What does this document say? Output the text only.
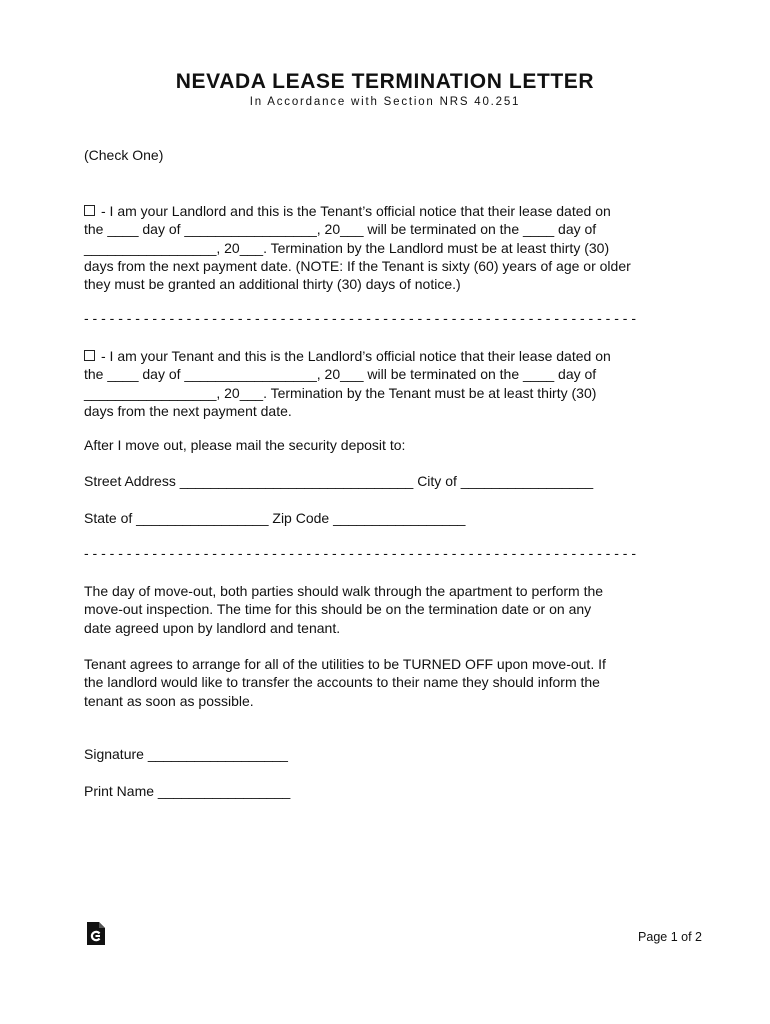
NEVADA LEASE TERMINATION LETTER
In Accordance with Section NRS 40.251
(Check One)
- I am your Landlord and this is the Tenant’s official notice that their lease dated on
the ____ day of _________________, 20___ will be terminated on the ____ day of
_________________, 20___. Termination by the Landlord must be at least thirty (30)
days from the next payment date. (NOTE: If the Tenant is sixty (60) years of age or older
they must be granted an additional thirty (30) days of notice.)
- - - - - - - - - - - - - - - - - - - - - - - - - - - - - - - - - - - - - - - - - - - - - - - - - - - - - - - - - - - - - - - - -
- I am your Tenant and this is the Landlord’s official notice that their lease dated on
the ____ day of _________________, 20___ will be terminated on the ____ day of
_________________, 20___. Termination by the Tenant must be at least thirty (30)
days from the next payment date.
After I move out, please mail the security deposit to:
Street Address ______________________________ City of _________________
State of _________________ Zip Code _________________
- - - - - - - - - - - - - - - - - - - - - - - - - - - - - - - - - - - - - - - - - - - - - - - - - - - - - - - - - - - - - - - - -
The day of move-out, both parties should walk through the apartment to perform the
move-out inspection. The time for this should be on the termination date or on any
date agreed upon by landlord and tenant.
Tenant agrees to arrange for all of the utilities to be TURNED OFF upon move-out. If
the landlord would like to transfer the accounts to their name they should inform the
tenant as soon as possible.
Signature __________________
Print Name _________________
Page 1 of 2
